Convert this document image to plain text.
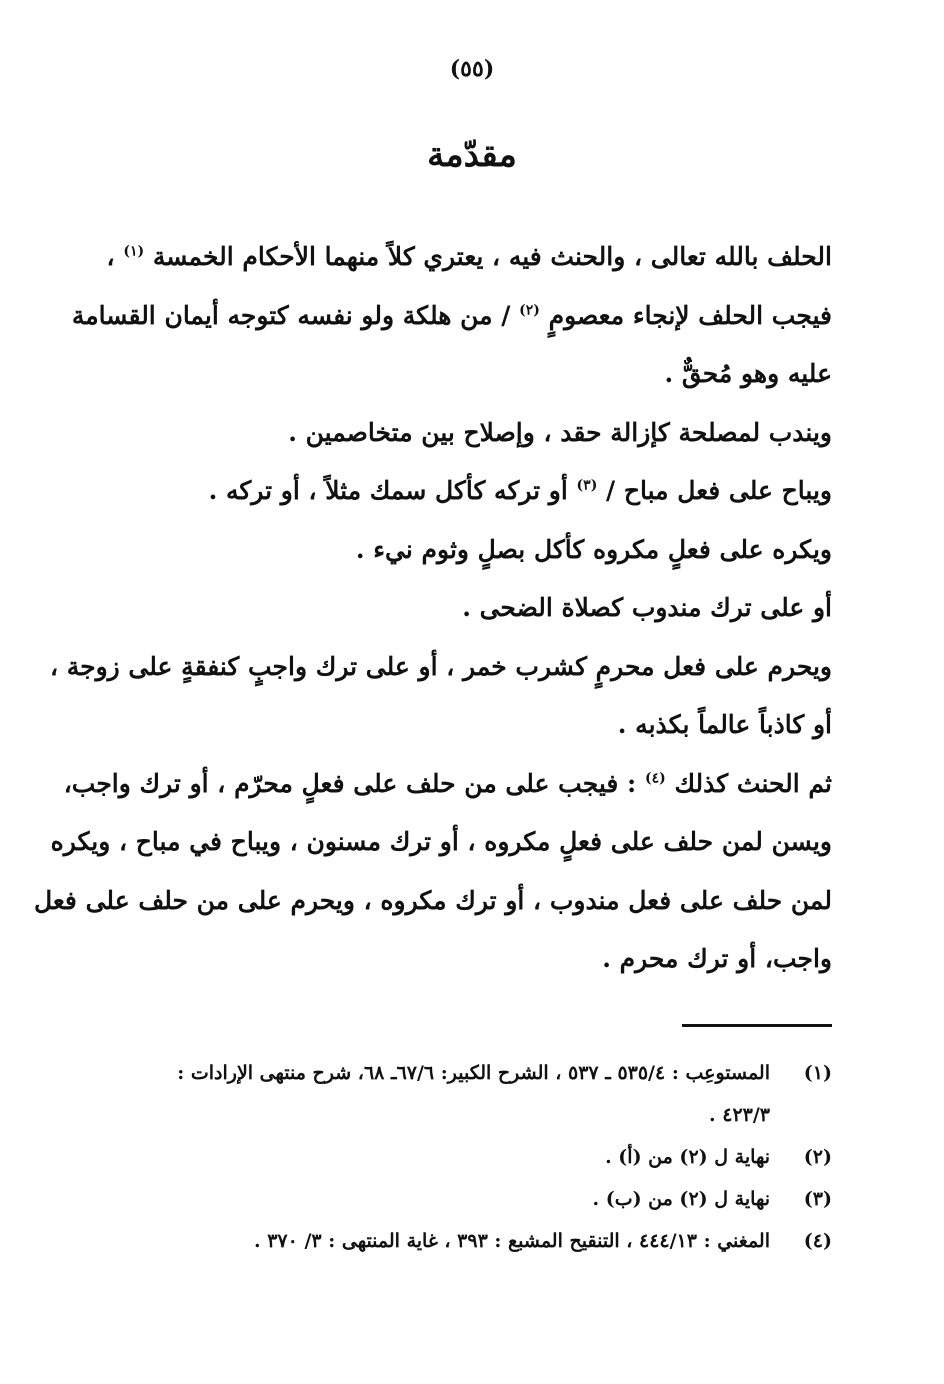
(٥٥)
مقدّمة
الحلف بالله تعالى ، والحنث فيه ، يعتري كلاً منهما الأحكام الخمسة $^{(١)}$ ،
فيجب الحلف لإنجاء معصومٍ $^{(٢)}$ / من هلكة ولو نفسه كتوجه أيمان القسامة
عليه وهو مُحقٌّ .
ويندب لمصلحة كإزالة حقد ، وإصلاح بين متخاصمين .
ويباح على فعل مباح / $^{(٣)}$ أو تركه كأكل سمك مثلاً ، أو تركه .
ويكره على فعلٍ مكروه كأكل بصلٍ وثوم نيء .
أو على ترك مندوب كصلاة الضحى .
ويحرم على فعل محرمٍ كشرب خمر ، أو على ترك واجبٍ كنفقةٍ على زوجة ،
أو كاذباً عالماً بكذبه .
ثم الحنث كذلك $^{(٤)}$ : فيجب على من حلف على فعلٍ محرّم ، أو ترك واجب،
ويسن لمن حلف على فعلٍ مكروه ، أو ترك مسنون ، ويباح في مباح ، ويكره
لمن حلف على فعل مندوب ، أو ترك مكروه ، ويحرم على من حلف على فعل
واجب، أو ترك محرم .
(١)
المستوعِب : ٥٣٥/٤ ـ ٥٣٧ ، الشرح الكبير: ٦٧/٦ـ ٦٨، شرح منتهى الإرادات :
٤٢٣/٣ .
(٢)
نهاية ل (٢) من (أ) .
(٣)
نهاية ل (٢) من (ب) .
(٤)
المغني : ٤٤٤/١٣ ، التنقيح المشبع : ٣٩٣ ، غاية المنتهى : ٣/ ٣٧٠ .
